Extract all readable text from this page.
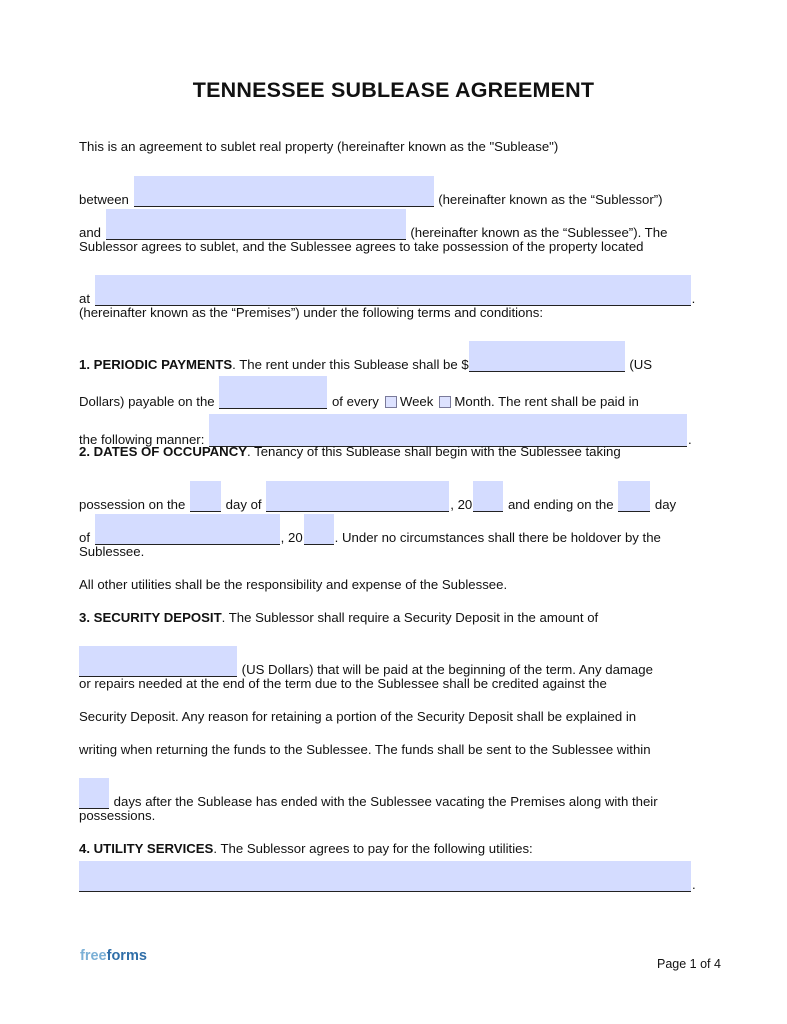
TENNESSEE SUBLEASE AGREEMENT
This is an agreement to sublet real property (hereinafter known as the "Sublease")
between	(hereinafter known as the “Sublessor”)
and	(hereinafter known as the “Sublessee”). The
Sublessor agrees to sublet, and the Sublessee agrees to take possession of the property located
at	.
(hereinafter known as the “Premises”) under the following terms and conditions:
1. PERIODIC PAYMENTS. The rent under this Sublease shall be $	(US
Dollars) payable on the	of every Week Month. The rent shall be paid in
the following manner:	.
2. DATES OF OCCUPANCY. Tenancy of this Sublease shall begin with the Sublessee taking
possession on the	day of	, 20	and ending on the	day
of	, 20 . Under no circumstances shall there be holdover by the
Sublessee.
All other utilities shall be the responsibility and expense of the Sublessee.
3. SECURITY DEPOSIT. The Sublessor shall require a Security Deposit in the amount of
(US Dollars) that will be paid at the beginning of the term. Any damage
or repairs needed at the end of the term due to the Sublessee shall be credited against the
Security Deposit. Any reason for retaining a portion of the Security Deposit shall be explained in
writing when returning the funds to the Sublessee. The funds shall be sent to the Sublessee within
days after the Sublease has ended with the Sublessee vacating the Premises along with their
possessions.
4. UTILITY SERVICES. The Sublessor agrees to pay for the following utilities:
.
freeforms	Page 1 of 4
